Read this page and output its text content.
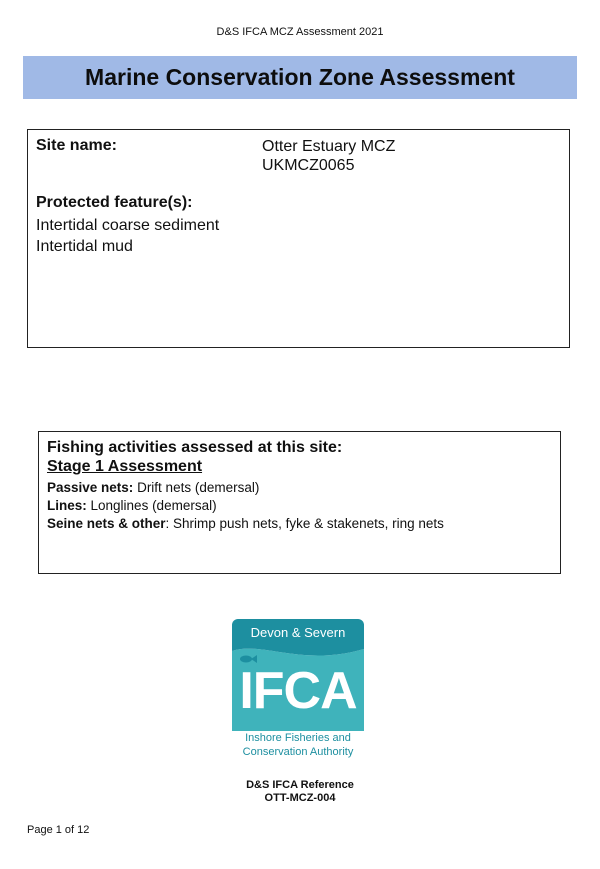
D&S IFCA MCZ Assessment 2021
Marine Conservation Zone Assessment
Site name:	Otter Estuary MCZ
UKMCZ0065
Protected feature(s):
Intertidal coarse sediment
Intertidal mud
Fishing activities assessed at this site:
Stage 1 Assessment
Passive nets: Drift nets (demersal)
Lines: Longlines (demersal)
Seine nets & other: Shrimp push nets, fyke & stakenets, ring nets
Devon & Severn
IFCA
Inshore Fisheries and
Conservation Authority
D&S IFCA Reference
OTT-MCZ-004
Page 1 of 12
